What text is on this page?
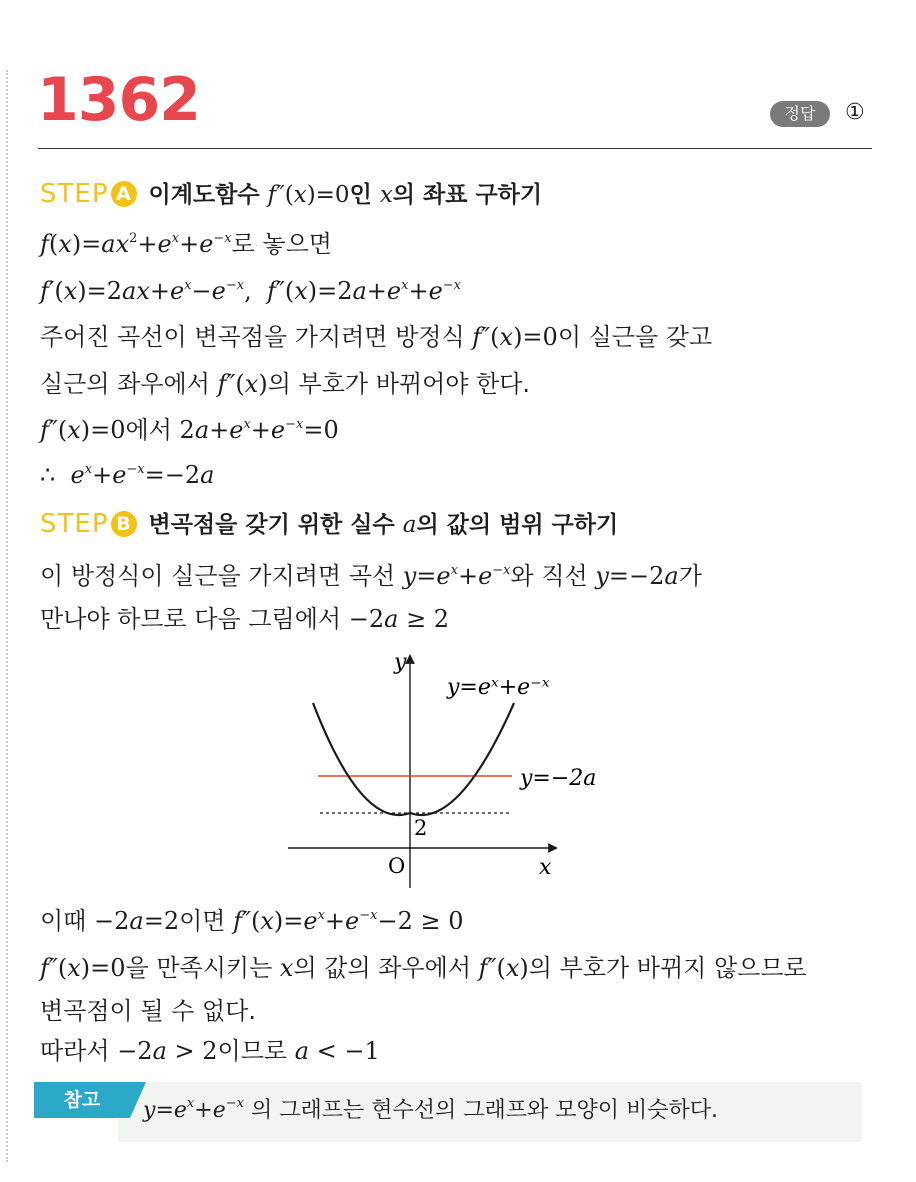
1362	정답	①
STEP A 이계도함수 f″(x)=0인 x의 좌표 구하기
$f(x)=ax^2+e^x+e^{-x}$로 놓으면
$f'(x)=2ax+e^x-e^{-x}$,  $f''(x)=2a+e^x+e^{-x}$
주어진 곡선이 변곡점을 가지려면 방정식 f″(x)=0이 실근을 갖고
실근의 좌우에서 f″(x)의 부호가 바뀌어야 한다.
f″(x)=0에서 $2a+e^x+e^{-x}=0$
∴ $e^x+e^{-x}=-2a$
STEP B 변곡점을 갖기 위한 실수 a의 값의 범위 구하기
이 방정식이 실근을 가지려면 곡선 $y=e^x+e^{-x}$와 직선 y=−2a가
만나야 하므로 다음 그림에서 −2a ≥ 2
y
x
O
2
y=eˣ+e⁻ˣ
y=−2a
이때 −2a=2이면 $f''(x)=e^x+e^{-x}-2 \ge 0$
f″(x)=0을 만족시키는 x의 값의 좌우에서 f″(x)의 부호가 바뀌지 않으므로
변곡점이 될 수 없다.
따라서 −2a > 2이므로 a < −1
참고	$y=e^x+e^{-x}$ 의 그래프는 현수선의 그래프와 모양이 비슷하다.
